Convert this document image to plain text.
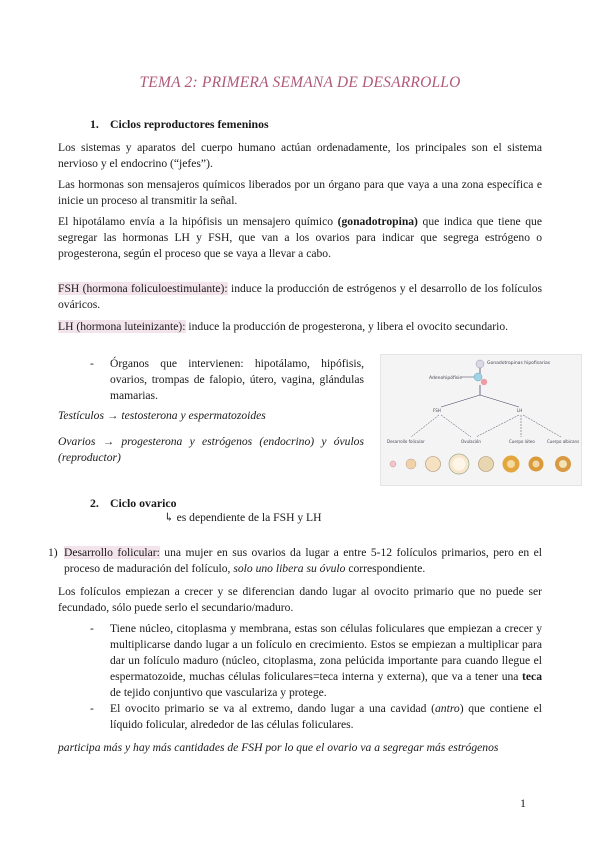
TEMA 2: PRIMERA SEMANA DE DESARROLLO
1. Ciclos reproductores femeninos
Los sistemas y aparatos del cuerpo humano actúan ordenadamente, los principales son el sistema nervioso y el endocrino (“jefes”).
Las hormonas son mensajeros químicos liberados por un órgano para que vaya a una zona específica e inicie un proceso al transmitir la señal.
El hipotálamo envía a la hipófisis un mensajero químico (gonadotropina) que indica que tiene que segregar las hormonas LH y FSH, que van a los ovarios para indicar que segrega estrógeno o progesterona, según el proceso que se vaya a llevar a cabo.
FSH (hormona foliculoestimulante): induce la producción de estrógenos y el desarrollo de los folículos ováricos.
LH (hormona luteinizante): induce la producción de progesterona, y libera el ovocito secundario.
- Órganos que intervienen: hipotálamo, hipófisis, ovarios, trompas de falopio, útero, vagina, glándulas mamarias.
Testículos → testosterona y espermatozoides
Ovarios → progesterona y estrógenos (endocrino) y óvulos (reproductor)
Gonadotropinas hipofisarias
Adenohipófisis
FSH	LH
Desarrollo folicular	Ovulación	Cuerpo lúteo	Cuerpo albicans
2. Ciclo ovarico
↳ es dependiente de la FSH y LH
1) Desarrollo folicular: una mujer en sus ovarios da lugar a entre 5-12 folículos primarios, pero en el proceso de maduración del folículo, solo uno libera su óvulo correspondiente.
Los folículos empiezan a crecer y se diferencian dando lugar al ovocito primario que no puede ser fecundado, sólo puede serlo el secundario/maduro.
- Tiene núcleo, citoplasma y membrana, estas son células foliculares que empiezan a crecer y multiplicarse dando lugar a un folículo en crecimiento. Estos se empiezan a multiplicar para dar un folículo maduro (núcleo, citoplasma, zona pelúcida importante para cuando llegue el espermatozoide, muchas células foliculares=teca interna y externa), que va a tener una teca de tejido conjuntivo que vasculariza y protege.
- El ovocito primario se va al extremo, dando lugar a una cavidad (antro) que contiene el líquido folicular, alrededor de las células foliculares.
participa más y hay más cantidades de FSH por lo que el ovario va a segregar más estrógenos
1
